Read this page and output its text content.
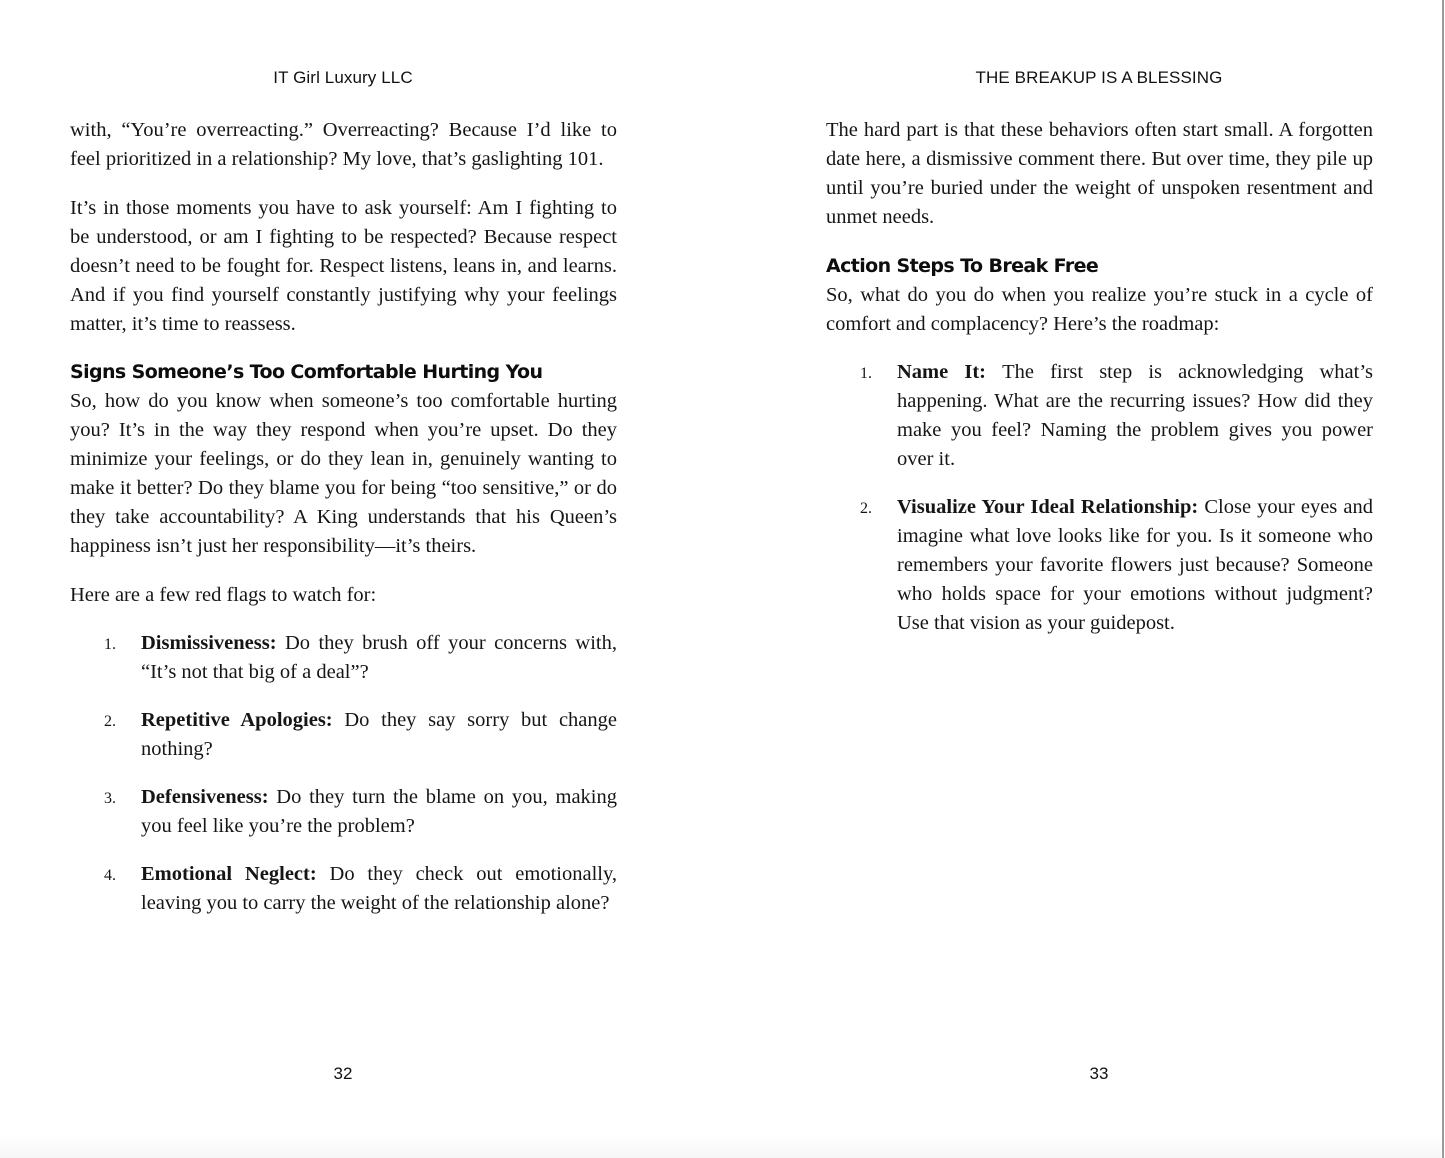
IT Girl Luxury LLC

with, “You’re overreacting.” Overreacting? Because I’d like to feel prioritized in a relationship? My love, that’s gaslighting 101.

It’s in those moments you have to ask yourself: Am I fighting to be understood, or am I fighting to be respected? Because respect doesn’t need to be fought for. Respect listens, leans in, and learns. And if you find yourself constantly justifying why your feelings matter, it’s time to reassess.

Signs Someone’s Too Comfortable Hurting You

So, how do you know when someone’s too comfortable hurting you? It’s in the way they respond when you’re upset. Do they minimize your feelings, or do they lean in, genuinely wanting to make it better? Do they blame you for being “too sensitive,” or do they take accountability? A King understands that his Queen’s happiness isn’t just her responsibility—it’s theirs.

Here are a few red flags to watch for:

1. Dismissiveness: Do they brush off your concerns with, “It’s not that big of a deal”?
2. Repetitive Apologies: Do they say sorry but change nothing?
3. Defensiveness: Do they turn the blame on you, making you feel like you’re the problem?
4. Emotional Neglect: Do they check out emotionally, leaving you to carry the weight of the relationship alone?
32
THE BREAKUP IS A BLESSING

The hard part is that these behaviors often start small. A forgotten date here, a dismissive comment there. But over time, they pile up until you’re buried under the weight of unspoken resentment and unmet needs.

Action Steps To Break Free

So, what do you do when you realize you’re stuck in a cycle of comfort and complacency? Here’s the roadmap:

1. Name It: The first step is acknowledging what’s happening. What are the recurring issues? How did they make you feel? Naming the problem gives you power over it.
2. Visualize Your Ideal Relationship: Close your eyes and imagine what love looks like for you. Is it someone who remembers your favorite flowers just because? Someone who holds space for your emotions without judgment? Use that vision as your guidepost.
33
